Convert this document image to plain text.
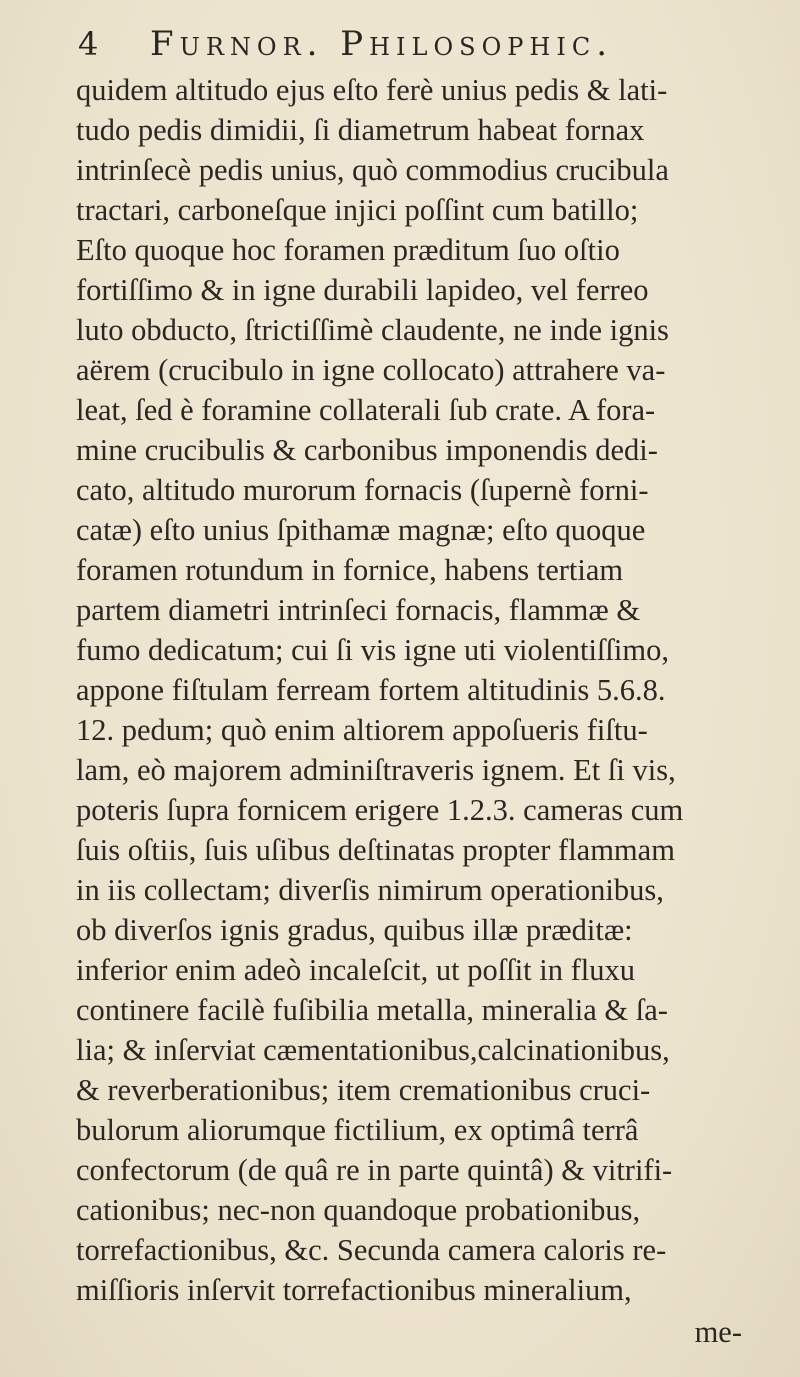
4 Furnor. Philosophic.
quidem altitudo ejus eſto ferè unius pedis & lati-
tudo pedis dimidii, ſi diametrum habeat fornax
intrinſecè pedis unius, quò commodius crucibula
tractari, carboneſque injici poſſint cum batillo;
Eſto quoque hoc foramen præditum ſuo oſtio
fortiſſimo & in igne durabili lapideo, vel ferreo
luto obducto, ſtrictiſſimè claudente, ne inde ignis
aërem (crucibulo in igne collocato) attrahere va-
leat, ſed è foramine collaterali ſub crate. A fora-
mine crucibulis & carbonibus imponendis dedi-
cato, altitudo murorum fornacis (ſupernè forni-
catæ) eſto unius ſpithamæ magnæ; eſto quoque
foramen rotundum in fornice, habens tertiam
partem diametri intrinſeci fornacis, flammæ &
fumo dedicatum; cui ſi vis igne uti violentiſſimo,
appone fiſtulam ferream fortem altitudinis 5.6.8.
12. pedum; quò enim altiorem appoſueris fiſtu-
lam, eò majorem adminiſtraveris ignem. Et ſi vis,
poteris ſupra fornicem erigere 1.2.3. cameras cum
ſuis oſtiis, ſuis uſibus deſtinatas propter flammam
in iis collectam; diverſis nimirum operationibus,
ob diverſos ignis gradus, quibus illæ præditæ:
inferior enim adeò incaleſcit, ut poſſit in fluxu
continere facilè fuſibilia metalla, mineralia & ſa-
lia; & inſerviat cæmentationibus,calcinationibus,
& reverberationibus; item cremationibus cruci-
bulorum aliorumque fictilium, ex optimâ terrâ
confectorum (de quâ re in parte quintâ) & vitrifi-
cationibus; nec-non quandoque probationibus,
torrefactionibus, &c. Secunda camera caloris re-
miſſioris inſervit torrefactionibus mineralium,
me-
